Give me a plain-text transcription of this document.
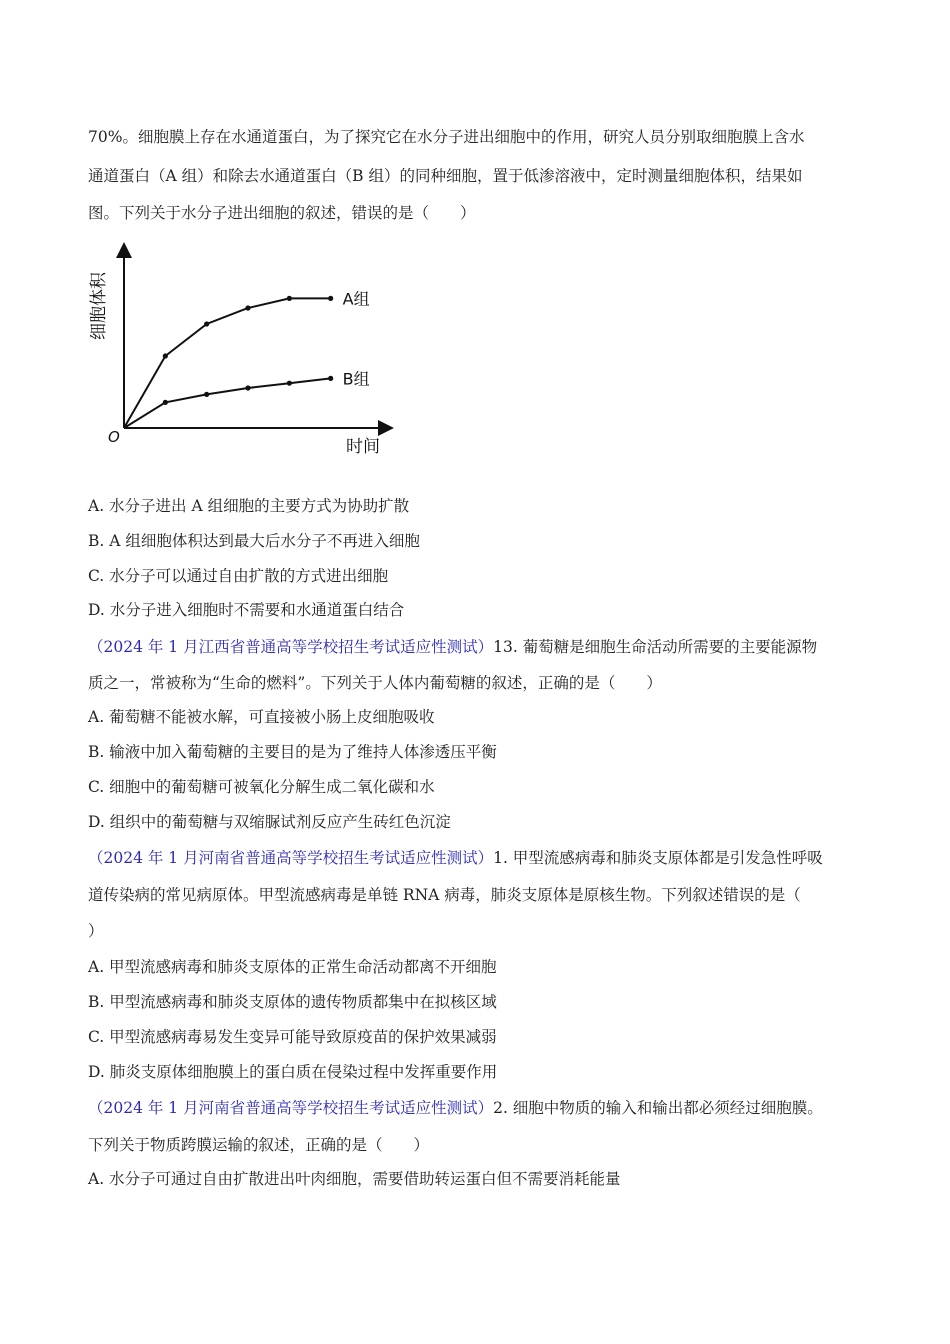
70%。细胞膜上存在水通道蛋白，为了探究它在水分子进出细胞中的作用，研究人员分别取细胞膜上含水
通道蛋白（A 组）和除去水通道蛋白（B 组）的同种细胞，置于低渗溶液中，定时测量细胞体积，结果如
图。下列关于水分子进出细胞的叙述，错误的是（　　）
A组
B组
O	时间
细胞体积
A. 水分子进出 A 组细胞的主要方式为协助扩散
B. A 组细胞体积达到最大后水分子不再进入细胞
C. 水分子可以通过自由扩散的方式进出细胞
D. 水分子进入细胞时不需要和水通道蛋白结合
（2024 年 1 月江西省普通高等学校招生考试适应性测试）13. 葡萄糖是细胞生命活动所需要的主要能源物
质之一，常被称为“生命的燃料”。下列关于人体内葡萄糖的叙述，正确的是（　　）
A. 葡萄糖不能被水解，可直接被小肠上皮细胞吸收
B. 输液中加入葡萄糖的主要目的是为了维持人体渗透压平衡
C. 细胞中的葡萄糖可被氧化分解生成二氧化碳和水
D. 组织中的葡萄糖与双缩脲试剂反应产生砖红色沉淀
（2024 年 1 月河南省普通高等学校招生考试适应性测试）1. 甲型流感病毒和肺炎支原体都是引发急性呼吸
道传染病的常见病原体。甲型流感病毒是单链 RNA 病毒，肺炎支原体是原核生物。下列叙述错误的是（
）
A. 甲型流感病毒和肺炎支原体的正常生命活动都离不开细胞
B. 甲型流感病毒和肺炎支原体的遗传物质都集中在拟核区域
C. 甲型流感病毒易发生变异可能导致原疫苗的保护效果减弱
D. 肺炎支原体细胞膜上的蛋白质在侵染过程中发挥重要作用
（2024 年 1 月河南省普通高等学校招生考试适应性测试）2. 细胞中物质的输入和输出都必须经过细胞膜。
下列关于物质跨膜运输的叙述，正确的是（　　）
A. 水分子可通过自由扩散进出叶肉细胞，需要借助转运蛋白但不需要消耗能量
